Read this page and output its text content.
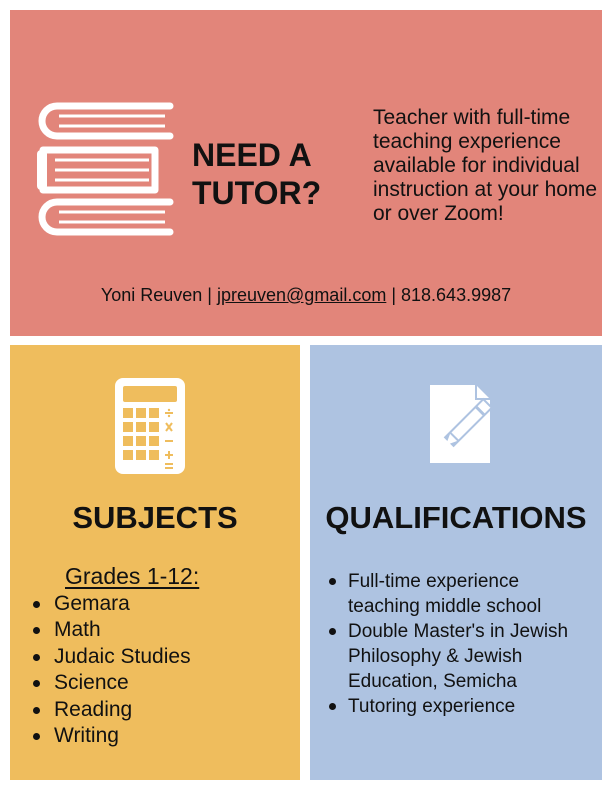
NEED A
TUTOR?
Teacher with full-time teaching experience available for individual instruction at your home or over Zoom!
Yoni Reuven | jpreuven@gmail.com | 818.643.9987
SUBJECTS
Grades 1-12:
Gemara
Math
Judaic Studies
Science
Reading
Writing
QUALIFICATIONS
Full-time experience teaching middle school
Double Master's in Jewish Philosophy & Jewish Education, Semicha
Tutoring experience
